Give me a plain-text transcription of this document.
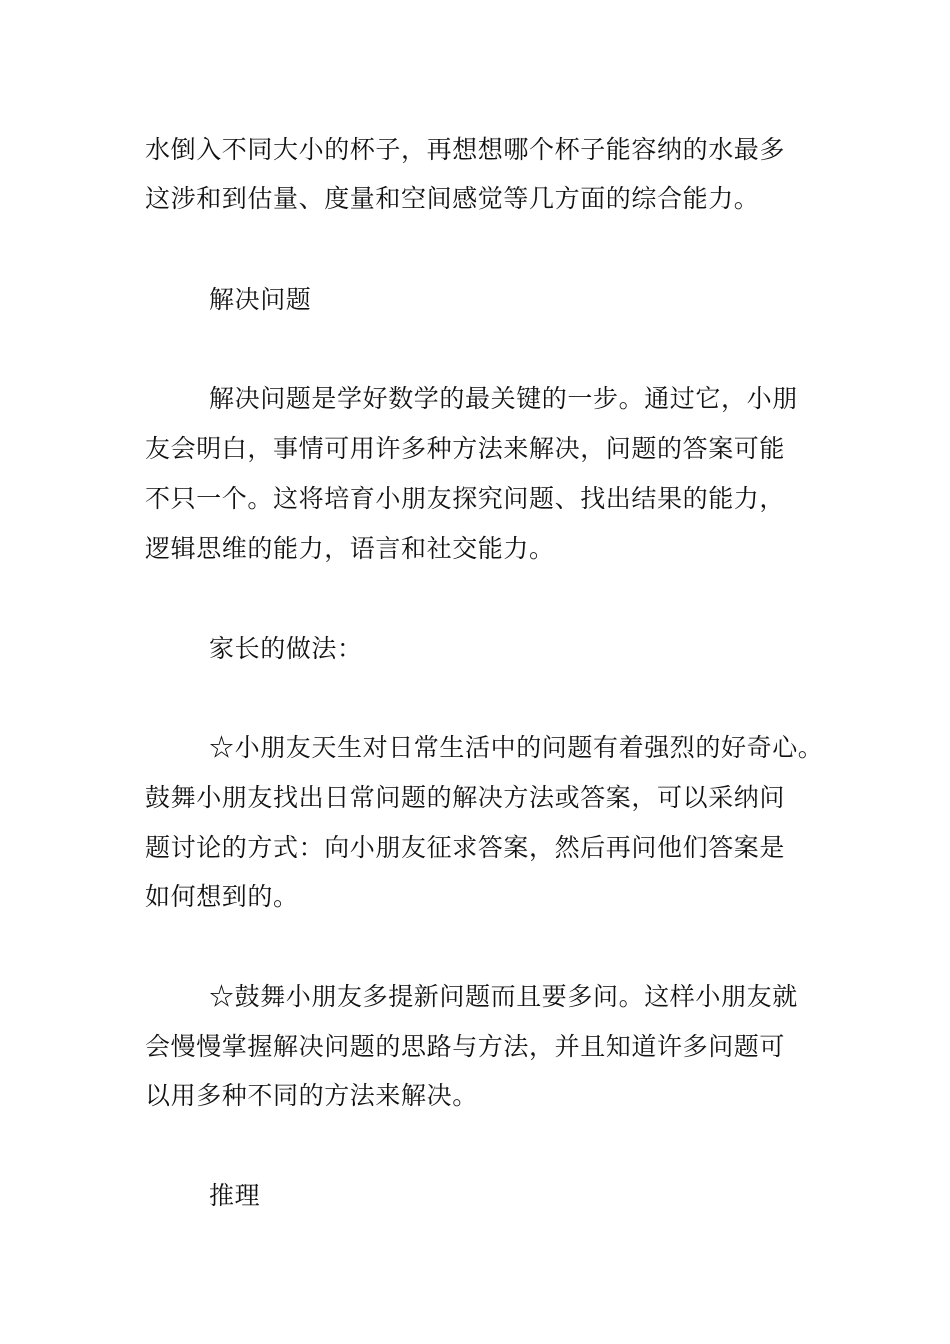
水倒入不同大小的杯子，再想想哪个杯子能容纳的水最多
这涉和到估量、度量和空间感觉等几方面的综合能力。
解决问题
解决问题是学好数学的最关键的一步。通过它，小朋
友会明白，事情可用许多种方法来解决，问题的答案可能
不只一个。这将培育小朋友探究问题、找出结果的能力，
逻辑思维的能力，语言和社交能力。
家长的做法：
☆小朋友天生对日常生活中的问题有着强烈的好奇心。
鼓舞小朋友找出日常问题的解决方法或答案，可以采纳问
题讨论的方式：向小朋友征求答案，然后再问他们答案是
如何想到的。
☆鼓舞小朋友多提新问题而且要多问。这样小朋友就
会慢慢掌握解决问题的思路与方法，并且知道许多问题可
以用多种不同的方法来解决。
推理
